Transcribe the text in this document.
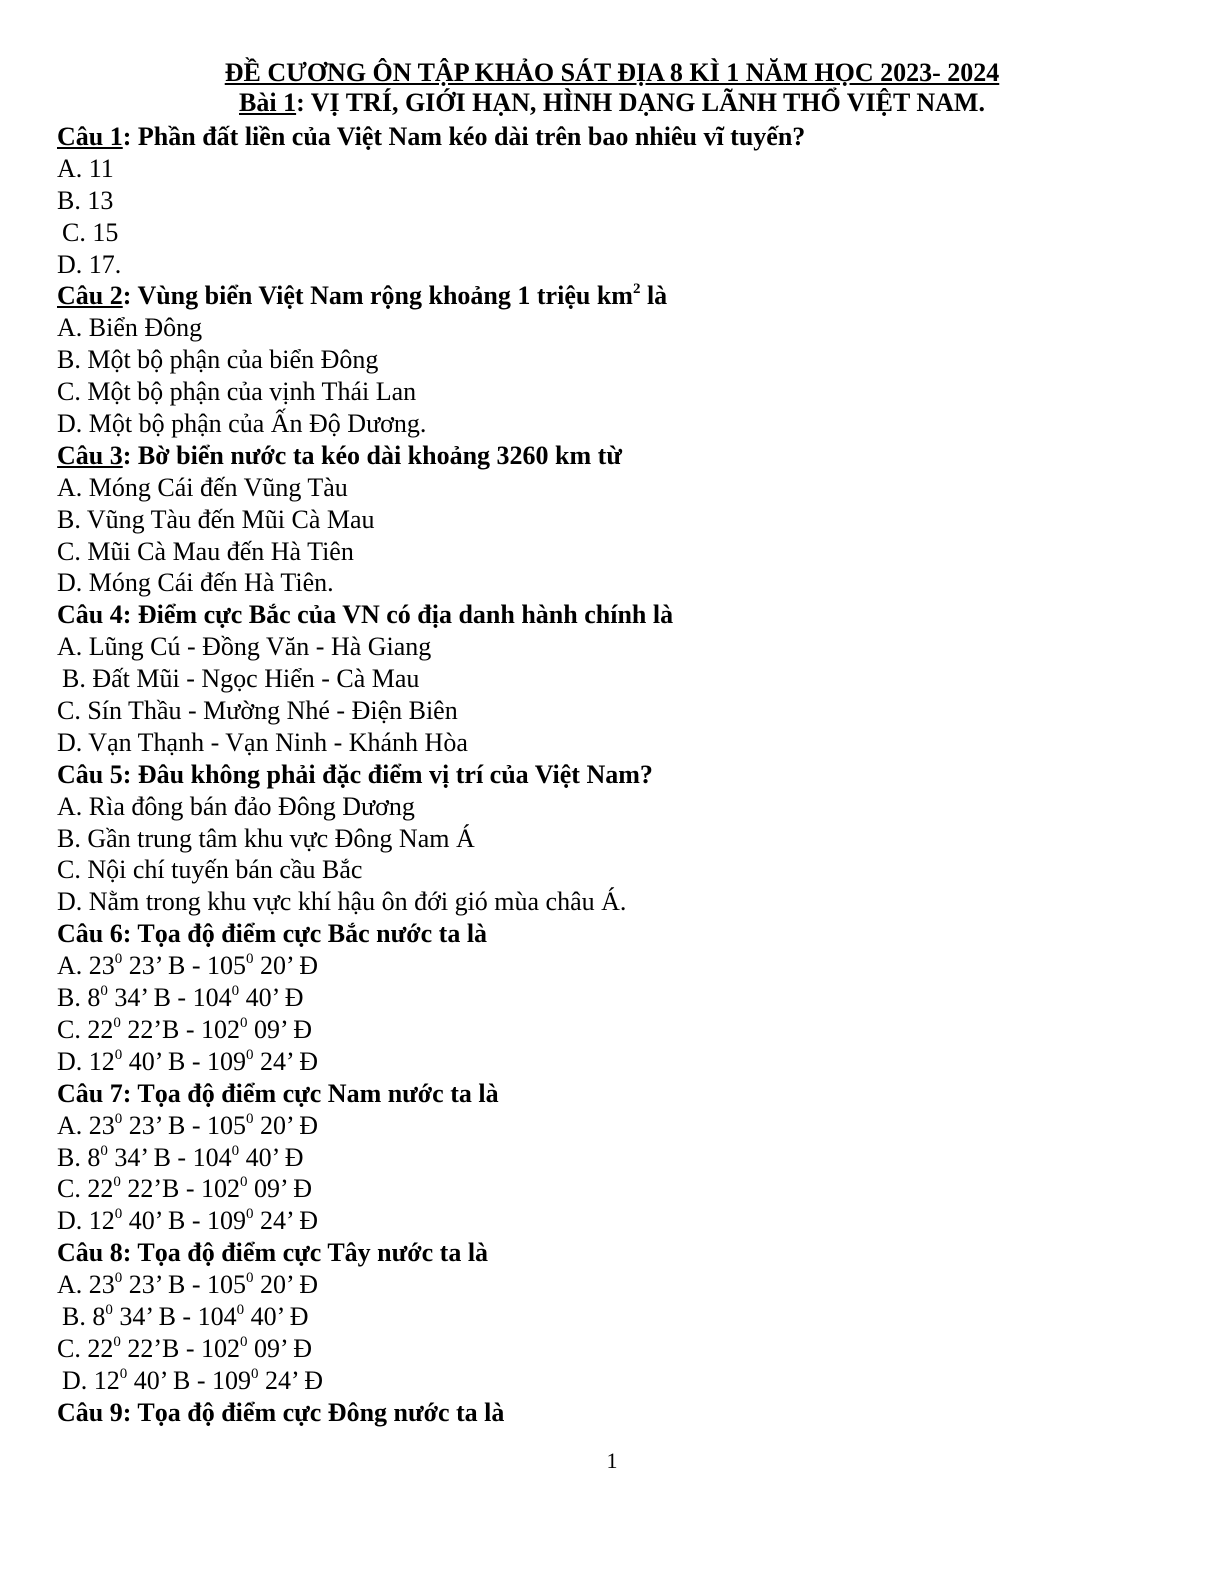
ĐỀ CƯƠNG ÔN TẬP KHẢO SÁT ĐỊA 8 KÌ 1 NĂM HỌC 2023- 2024
Bài 1: VỊ TRÍ, GIỚI HẠN, HÌNH DẠNG LÃNH THỔ VIỆT NAM.
Câu 1: Phần đất liền của Việt Nam kéo dài trên bao nhiêu vĩ tuyến?
A. 11
B. 13
C. 15
D. 17.
Câu 2: Vùng biển Việt Nam rộng khoảng 1 triệu $km^2$ là
A. Biển Đông
B. Một bộ phận của biển Đông
C. Một bộ phận của vịnh Thái Lan
D. Một bộ phận của Ấn Độ Dương.
Câu 3: Bờ biển nước ta kéo dài khoảng 3260 km từ
A. Móng Cái đến Vũng Tàu
B. Vũng Tàu đến Mũi Cà Mau
C. Mũi Cà Mau đến Hà Tiên
D. Móng Cái đến Hà Tiên.
Câu 4: Điểm cực Bắc của VN có địa danh hành chính là
A. Lũng Cú - Đồng Văn - Hà Giang
B. Đất Mũi - Ngọc Hiển - Cà Mau
C. Sín Thầu - Mường Nhé - Điện Biên
D. Vạn Thạnh - Vạn Ninh - Khánh Hòa
Câu 5: Đâu không phải đặc điểm vị trí của Việt Nam?
A. Rìa đông bán đảo Đông Dương
B. Gần trung tâm khu vực Đông Nam Á
C. Nội chí tuyến bán cầu Bắc
D. Nằm trong khu vực khí hậu ôn đới gió mùa châu Á.
Câu 6: Tọa độ điểm cực Bắc nước ta là
A. $23^0$ 23’ B - $105^0$ 20’ Đ
B. $8^0$ 34’ B - $104^0$ 40’ Đ
C. $22^0$ 22’B - $102^0$ 09’ Đ
D. $12^0$ 40’ B - $109^0$ 24’ Đ
Câu 7: Tọa độ điểm cực Nam nước ta là
A. $23^0$ 23’ B - $105^0$ 20’ Đ
B. $8^0$ 34’ B - $104^0$ 40’ Đ
C. $22^0$ 22’B - $102^0$ 09’ Đ
D. $12^0$ 40’ B - $109^0$ 24’ Đ
Câu 8: Tọa độ điểm cực Tây nước ta là
A. $23^0$ 23’ B - $105^0$ 20’ Đ
B. $8^0$ 34’ B - $104^0$ 40’ Đ
C. $22^0$ 22’B - $102^0$ 09’ Đ
D. $12^0$ 40’ B - $109^0$ 24’ Đ
Câu 9: Tọa độ điểm cực Đông nước ta là
1
